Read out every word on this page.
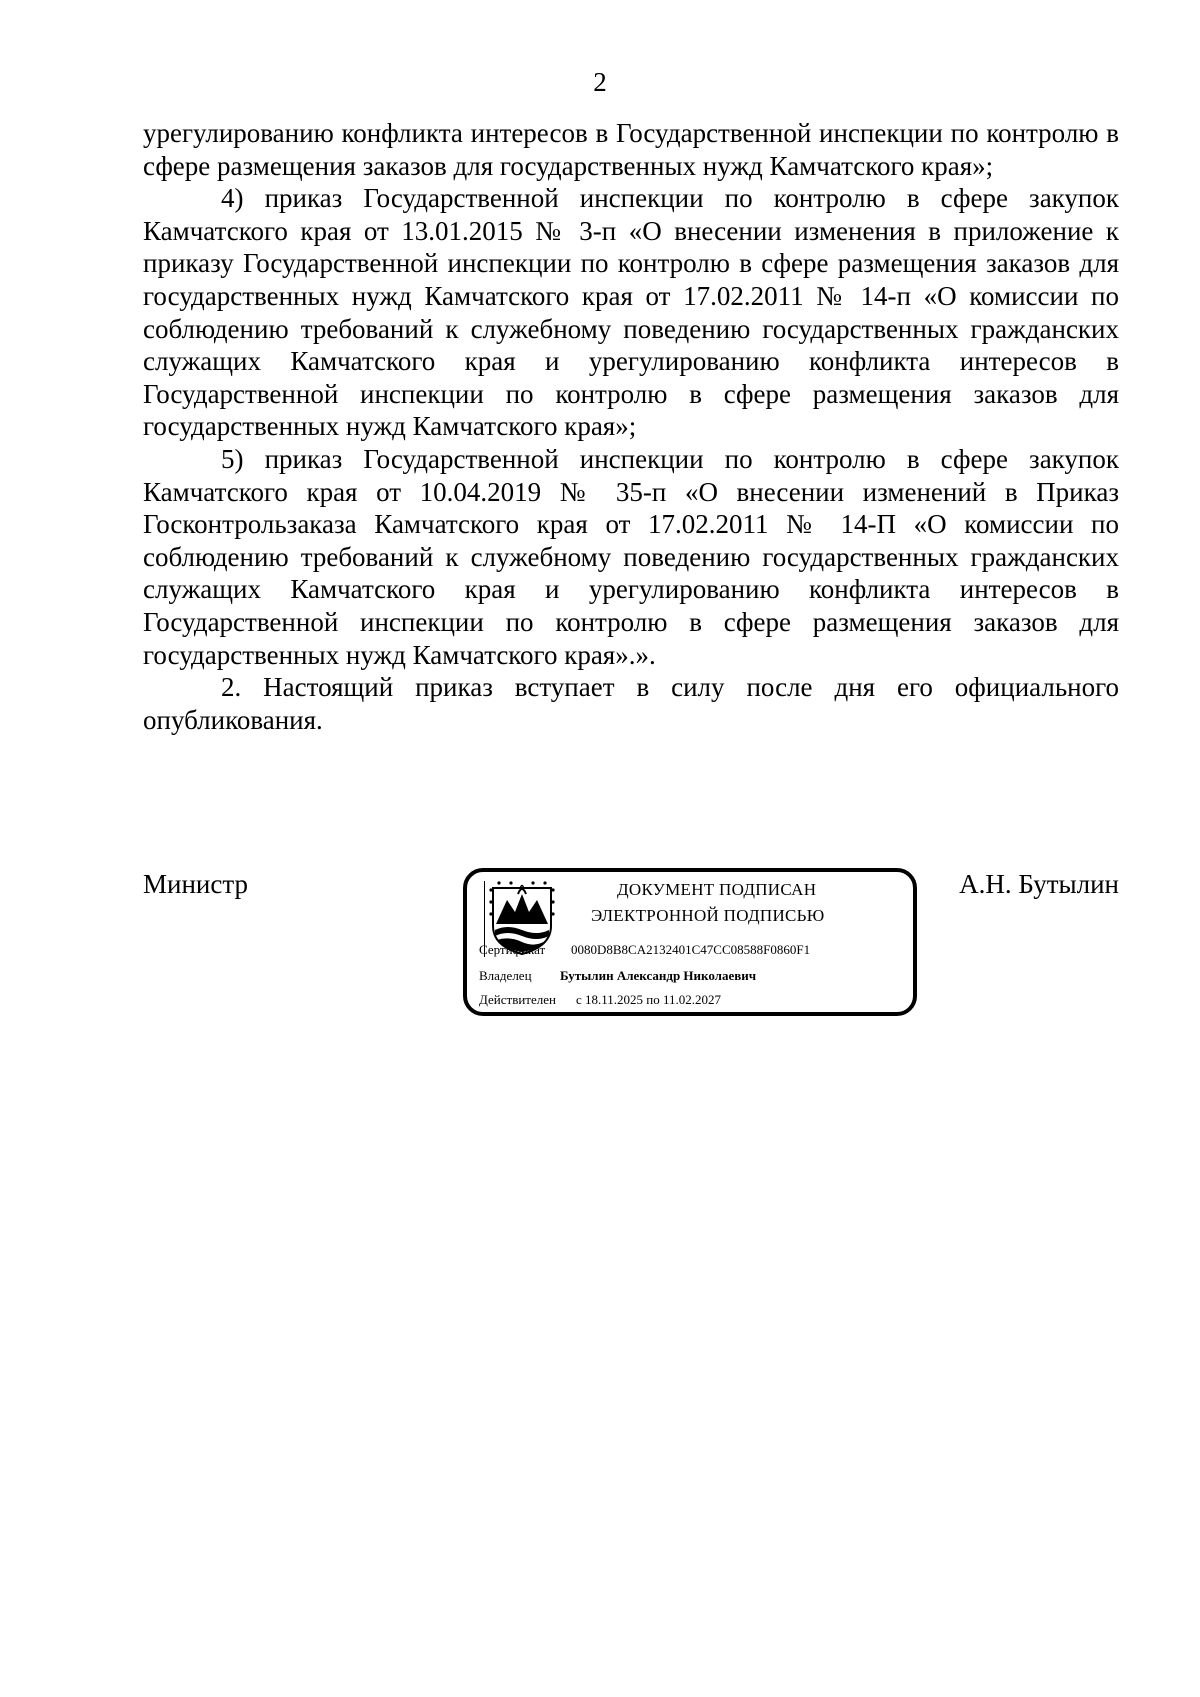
2

урегулированию конфликта интересов в Государственной инспекции по контролю в сфере размещения заказов для государственных нужд Камчатского края»;

4) приказ Государственной инспекции по контролю в сфере закупок Камчатского края от 13.01.2015 № 3-п «О внесении изменения в приложение к приказу Государственной инспекции по контролю в сфере размещения заказов для государственных нужд Камчатского края от 17.02.2011 № 14-п «О комиссии по соблюдению требований к служебному поведению государственных гражданских служащих Камчатского края и урегулированию конфликта интересов в Государственной инспекции по контролю в сфере размещения заказов для государственных нужд Камчатского края»;

5) приказ Государственной инспекции по контролю в сфере закупок Камчатского края от 10.04.2019 № 35-п «О внесении изменений в Приказ Госконтрользаказа Камчатского края от 17.02.2011 № 14-П «О комиссии по соблюдению требований к служебному поведению государственных гражданских служащих Камчатского края и урегулированию конфликта интересов в Государственной инспекции по контролю в сфере размещения заказов для государственных нужд Камчатского края».».

2. Настоящий приказ вступает в силу после дня его официального опубликования.

Министр	ДОКУМЕНТ ПОДПИСАН
ЭЛЕКТРОННОЙ ПОДПИСЬЮ
Сертификат 0080D8B8CA2132401C47CC08588F0860F1
Владелец Бутылин Александр Николаевич
Действителен с 18.11.2025 по 11.02.2027
А.Н. Бутылин
